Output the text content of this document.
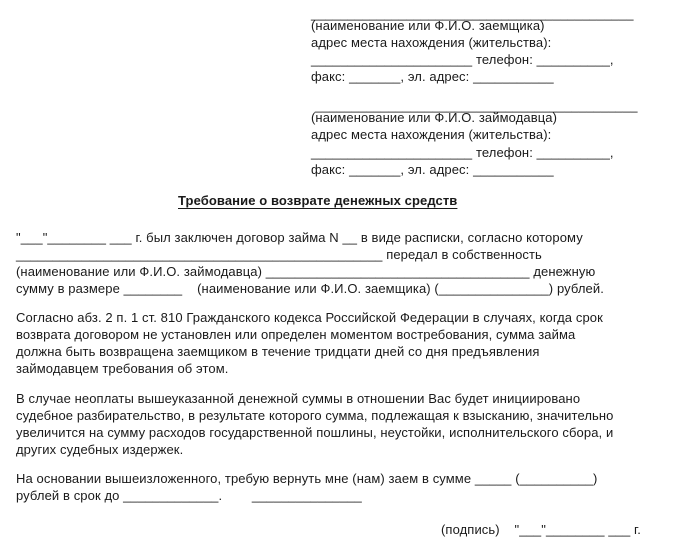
____________________________________________
(наименование или Ф.И.О. заемщика)
адрес места нахождения (жительства):
______________________ телефон: __________,
факс: _______, эл. адрес: ___________
____________________________________________
(наименование или Ф.И.О. займодавца)
адрес места нахождения (жительства):
______________________ телефон: __________,
факс: _______, эл. адрес: ___________
Требование о возврате денежных средств
"___"________ ___ г. был заключен договор займа N __ в виде расписки, согласно которому
__________________________________________________ передал в собственность
(наименование или Ф.И.О. займодавца) ____________________________________ денежную
сумму в размере ________    (наименование или Ф.И.О. заемщика) (_______________) рублей.
Согласно абз. 2 п. 1 ст. 810 Гражданского кодекса Российской Федерации в случаях, когда срок
возврата договором не установлен или определен моментом востребования, сумма займа
должна быть возвращена заемщиком в течение тридцати дней со дня предъявления
займодавцем требования об этом.
В случае неоплаты вышеуказанной денежной суммы в отношении Вас будет инициировано
судебное разбирательство, в результате которого сумма, подлежащая к взысканию, значительно
увеличится на сумму расходов государственной пошлины, неустойки, исполнительского сбора, и
других судебных издержек.
На основании вышеизложенного, требую вернуть мне (нам) заем в сумме _____ (__________)
рублей в срок до _____________.        _______________
(подпись)    "___"________ ___ г.
